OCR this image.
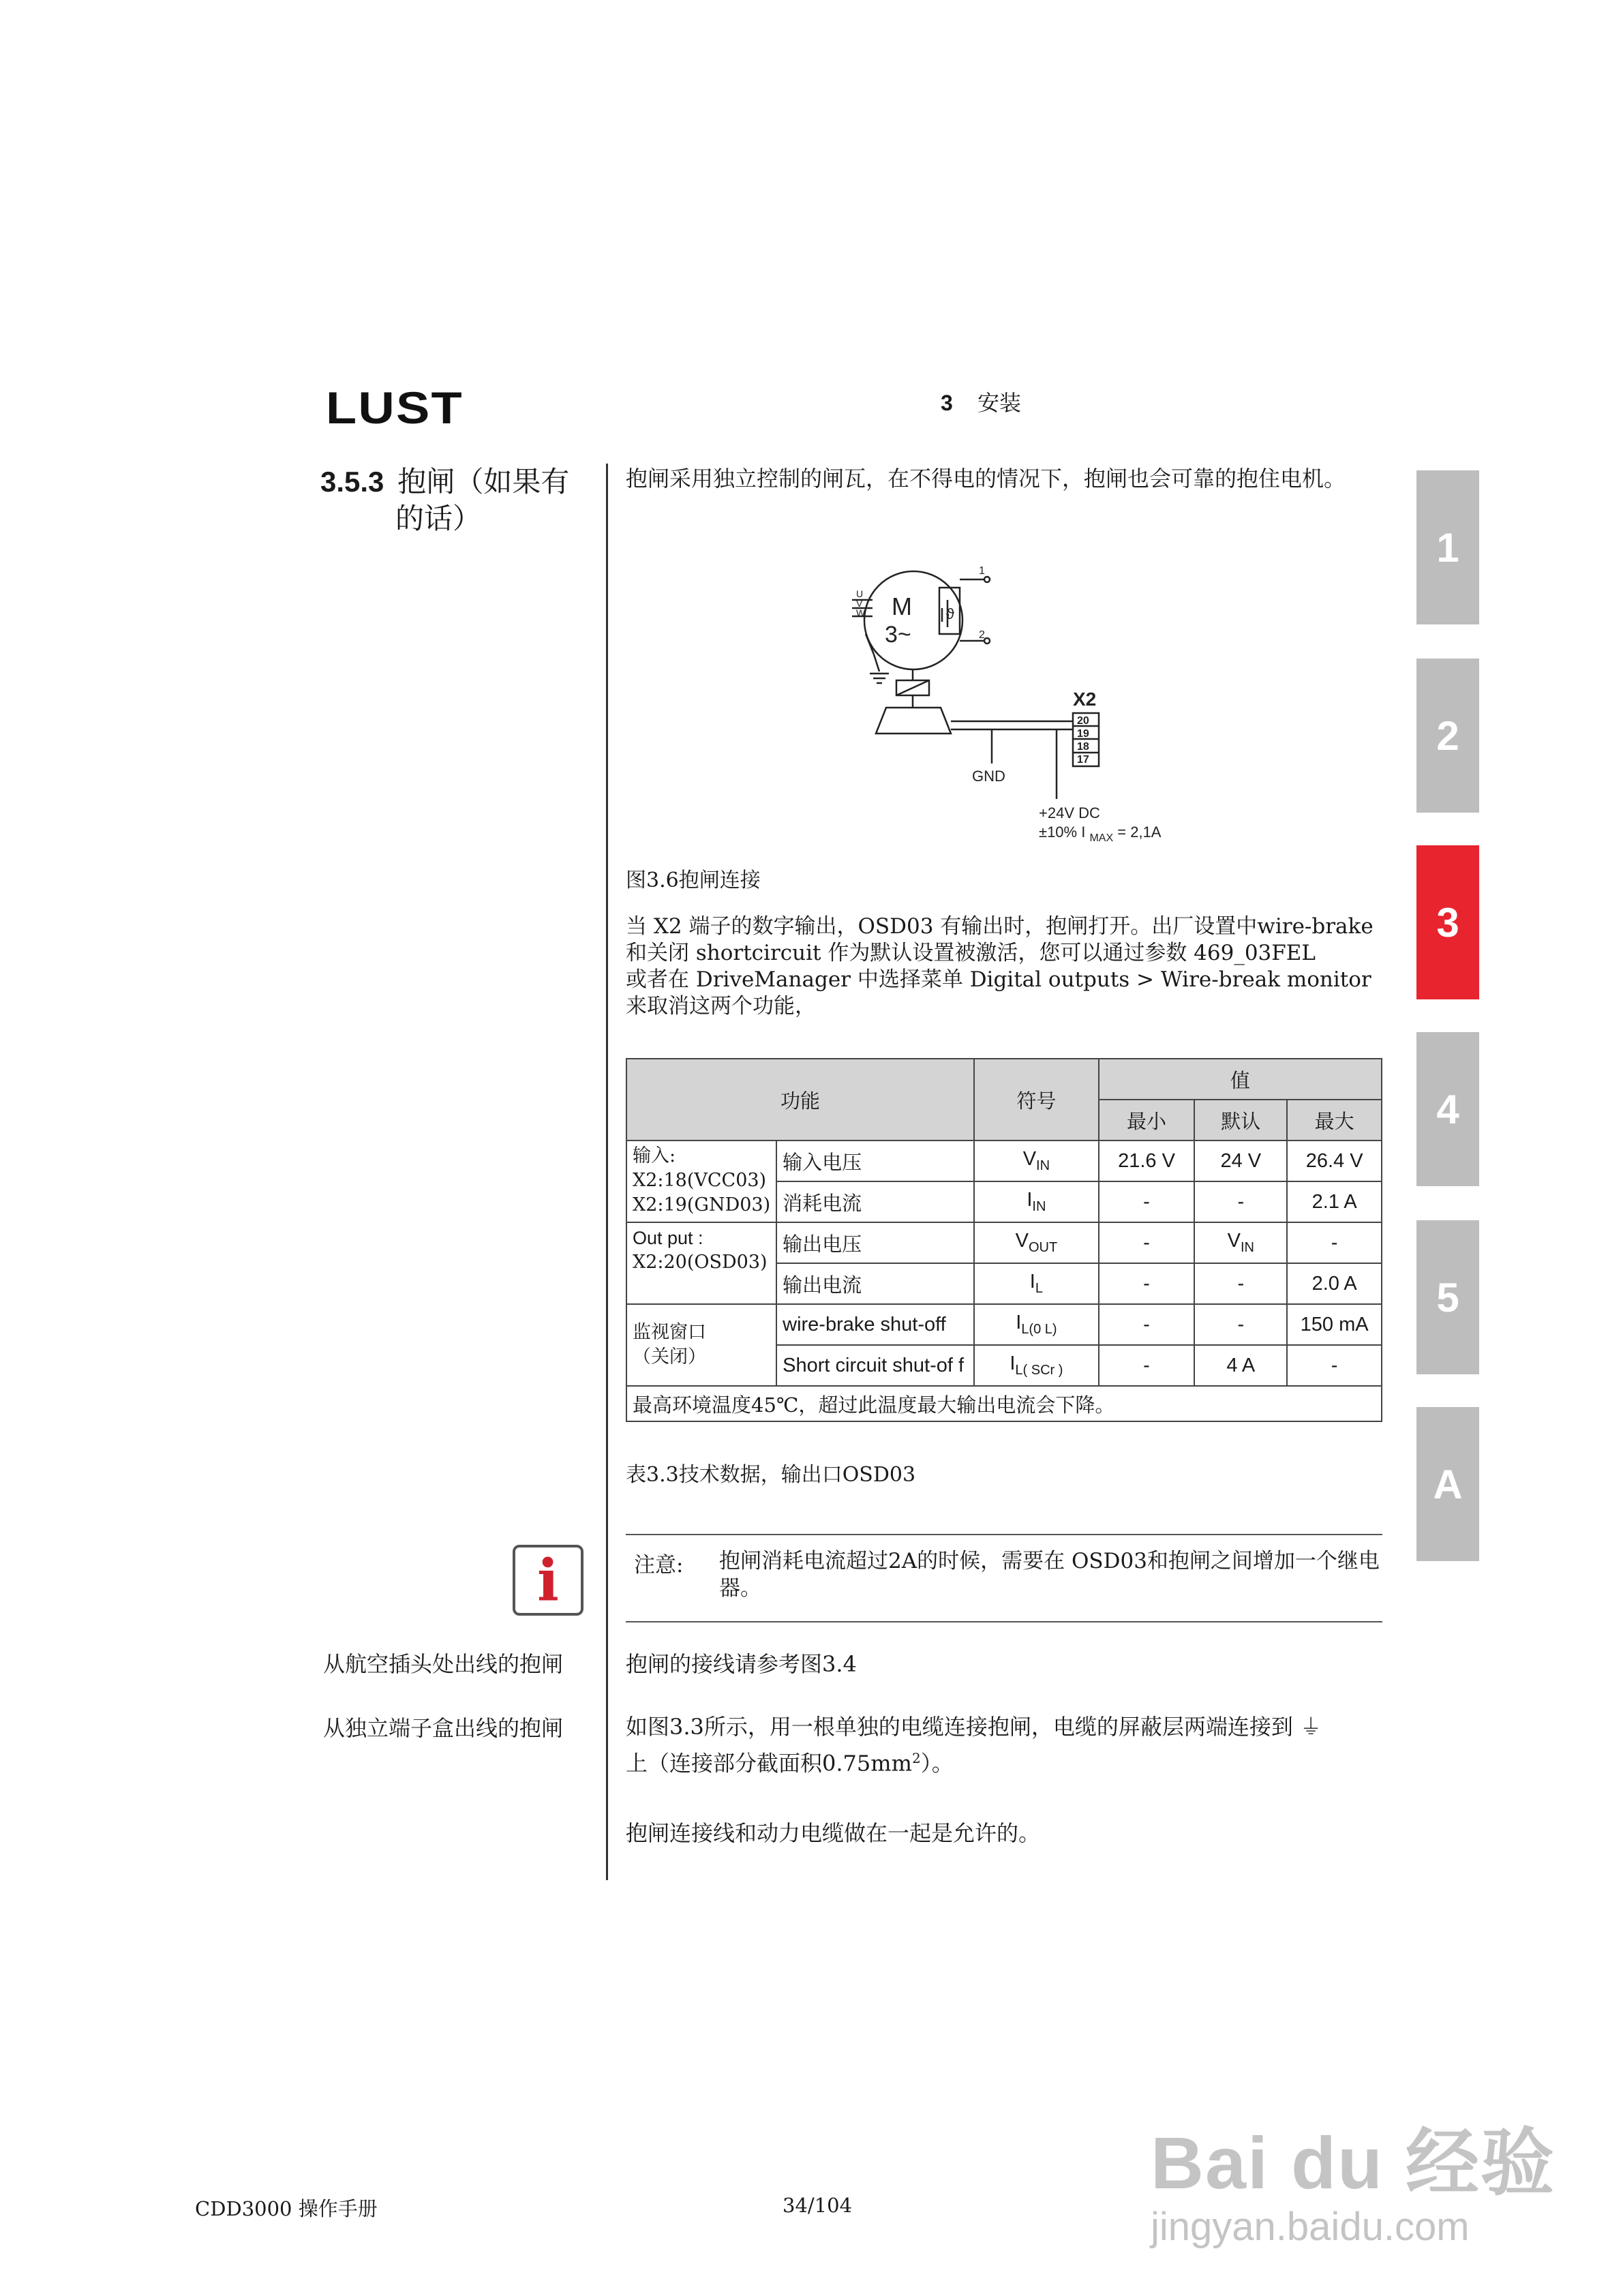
LUST	3 安装
3.5.3 抱闸（如果有
的话）
抱闸采用独立控制的闸瓦，在不得电的情况下，抱闸也会可靠的抱住电机。
M
3~
ϑ
1
2
U
V
W
X2
20
19
18
17
GND
+24V DC
±10% I $_{MAX}$ = 2,1A
图3.6抱闸连接
当 X2 端子的数字输出，OSD03 有输出时，抱闸打开。出厂设置中wire-brake
和关闭 shortcircuit 作为默认设置被激活，您可以通过参数 469_03FEL
或者在 DriveManager 中选择菜单 Digital outputs > Wire-break monitor
来取消这两个功能，
功能		符号	值		
			最小	默认	最大

输入:
X2:18(VCC03)
X2:19(GND03)	输入电压	$V_{IN}$	21.6 V	24 V	26.4 V
	消耗电流	$I_{IN}$	-	-	2.1 A

Out put :
X2:20(OSD03)	输出电压	$V_{OUT}$	-	$V_{IN}$	-
	输出电流	$I_L$	-	-	2.0 A

监视窗口
（关闭）	wire-brake shut-off	$I_{L(0 L)}$	-	-	150 mA
	Short circuit shut-of f	$I_{L( SCr )}$	-	4 A	-
最高环境温度45℃，超过此温度最大输出电流会下降。					
表3.3技术数据，输出口OSD03
i	注意: 抱闸消耗电流超过2A的时候，需要在 OSD03和抱闸之间增加一个继电器。
从航空插头处出线的抱闸	抱闸的接线请参考图3.4
从独立端子盒出线的抱闸	如图3.3所示，用一根单独的电缆连接抱闸，电缆的屏蔽层两端连接到 ⏚
上（连接部分截面积$0.75mm^2$）。
抱闸连接线和动力电缆做在一起是允许的。
1
2
3
4
5
A
CDD3000 操作手册	34/104
Bai du 经验
jingyan.baidu.com
